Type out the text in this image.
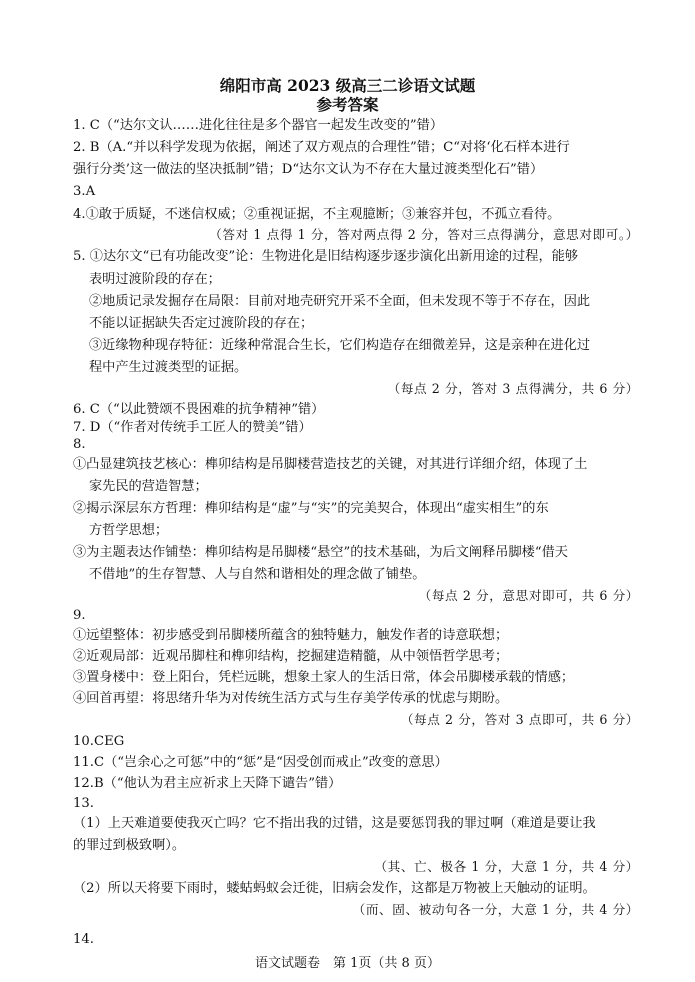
绵阳市高 2023 级高三二诊语文试题
参考答案
1. C（“达尔文认……进化往往是多个器官一起发生改变的”错）
2. B（A.“并以科学发现为依据，阐述了双方观点的合理性”错；C“对将‘化石样本进行
强行分类’这一做法的坚决抵制”错；D“达尔文认为不存在大量过渡类型化石”错）
3.A
4.①敢于质疑，不迷信权威；②重视证据，不主观臆断；③兼容并包，不孤立看待。
（答对 1 点得 1 分，答对两点得 2 分，答对三点得满分，意思对即可。）
5. ①达尔文“已有功能改变”论：生物进化是旧结构逐步逐步演化出新用途的过程，能够
表明过渡阶段的存在；
②地质记录发掘存在局限：目前对地壳研究开采不全面，但未发现不等于不存在，因此
不能以证据缺失否定过渡阶段的存在；
③近缘物种现存特征：近缘种常混合生长，它们构造存在细微差异，这是亲种在进化过
程中产生过渡类型的证据。
（每点 2 分，答对 3 点得满分，共 6 分）
6. C（“以此赞颂不畏困难的抗争精神”错）
7. D（“作者对传统手工匠人的赞美”错）
8.
①凸显建筑技艺核心：榫卯结构是吊脚楼营造技艺的关键，对其进行详细介绍，体现了土
家先民的营造智慧；
②揭示深层东方哲理：榫卯结构是“虚”与“实”的完美契合，体现出“虚实相生”的东
方哲学思想；
③为主题表达作铺垫：榫卯结构是吊脚楼“悬空”的技术基础，为后文阐释吊脚楼“借天
不借地”的生存智慧、人与自然和谐相处的理念做了铺垫。
（每点 2 分，意思对即可，共 6 分）
9.
①远望整体：初步感受到吊脚楼所蕴含的独特魅力，触发作者的诗意联想；
②近观局部：近观吊脚柱和榫卯结构，挖掘建造精髓，从中领悟哲学思考；
③置身楼中：登上阳台，凭栏远眺，想象土家人的生活日常，体会吊脚楼承载的情感；
④回首再望：将思绪升华为对传统生活方式与生存美学传承的忧虑与期盼。
（每点 2 分，答对 3 点即可，共 6 分）
10.CEG
11.C（“岂余心之可惩”中的“惩”是“因受创而戒止”改变的意思）
12.B（“他认为君主应祈求上天降下谴告”错）
13.
（1）上天难道要使我灭亡吗？它不指出我的过错，这是要惩罚我的罪过啊（难道是要让我
的罪过到极致啊）。
（其、亡、极各 1 分，大意 1 分，共 4 分）
（2）所以天将要下雨时，蝼蛄蚂蚁会迁徙，旧病会发作，这都是万物被上天触动的证明。
（而、固、被动句各一分，大意 1 分，共 4 分）
14.
语文试题卷　第 1页（共 8 页）
